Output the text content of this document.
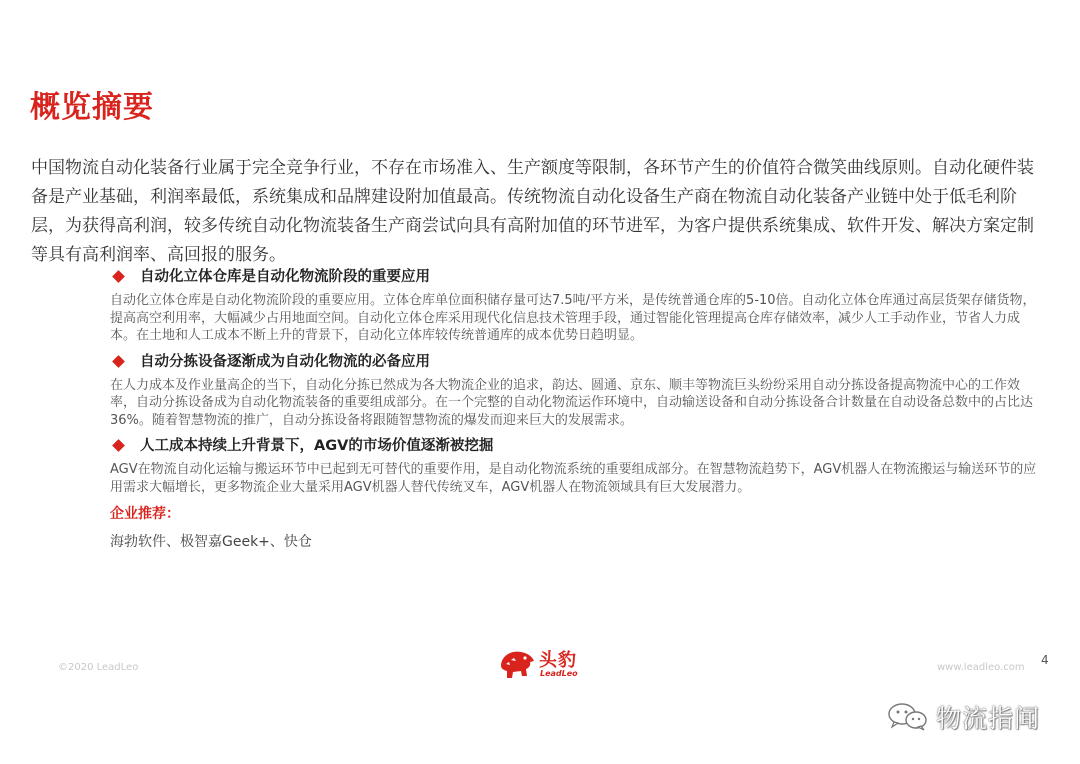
概览摘要

中国物流自动化装备行业属于完全竞争行业，不存在市场准入、生产额度等限制，各环节产生的价值符合微笑曲线原则。自动化硬件装备是产业基础，利润率最低，系统集成和品牌建设附加值最高。传统物流自动化设备生产商在物流自动化装备产业链中处于低毛利阶层，为获得高利润，较多传统自动化物流装备生产商尝试向具有高附加值的环节进军，为客户提供系统集成、软件开发、解决方案定制等具有高利润率、高回报的服务。

自动化立体仓库是自动化物流阶段的重要应用

自动化立体仓库是自动化物流阶段的重要应用。立体仓库单位面积储存量可达7.5吨/平方米，是传统普通仓库的5-10倍。自动化立体仓库通过高层货架存储货物，提高高空利用率，大幅减少占用地面空间。自动化立体仓库采用现代化信息技术管理手段，通过智能化管理提高仓库存储效率，减少人工手动作业，节省人力成本。在土地和人工成本不断上升的背景下，自动化立体库较传统普通库的成本优势日趋明显。

自动分拣设备逐渐成为自动化物流的必备应用

在人力成本及作业量高企的当下，自动化分拣已然成为各大物流企业的追求，韵达、圆通、京东、顺丰等物流巨头纷纷采用自动分拣设备提高物流中心的工作效率，自动分拣设备成为自动化物流装备的重要组成部分。在一个完整的自动化物流运作环境中，自动输送设备和自动分拣设备合计数量在自动设备总数中的占比达36%。随着智慧物流的推广，自动分拣设备将跟随智慧物流的爆发而迎来巨大的发展需求。

人工成本持续上升背景下，AGV的市场价值逐渐被挖掘

AGV在物流自动化运输与搬运环节中已起到无可替代的重要作用，是自动化物流系统的重要组成部分。在智慧物流趋势下，AGV机器人在物流搬运与输送环节的应用需求大幅增长，更多物流企业大量采用AGV机器人替代传统叉车，AGV机器人在物流领域具有巨大发展潜力。

企业推荐：

海勃软件、极智嘉Geek+、快仓

©2020 LeadLeo	头豹
LeadLeo
www.leadleo.com
4
物流指闻
